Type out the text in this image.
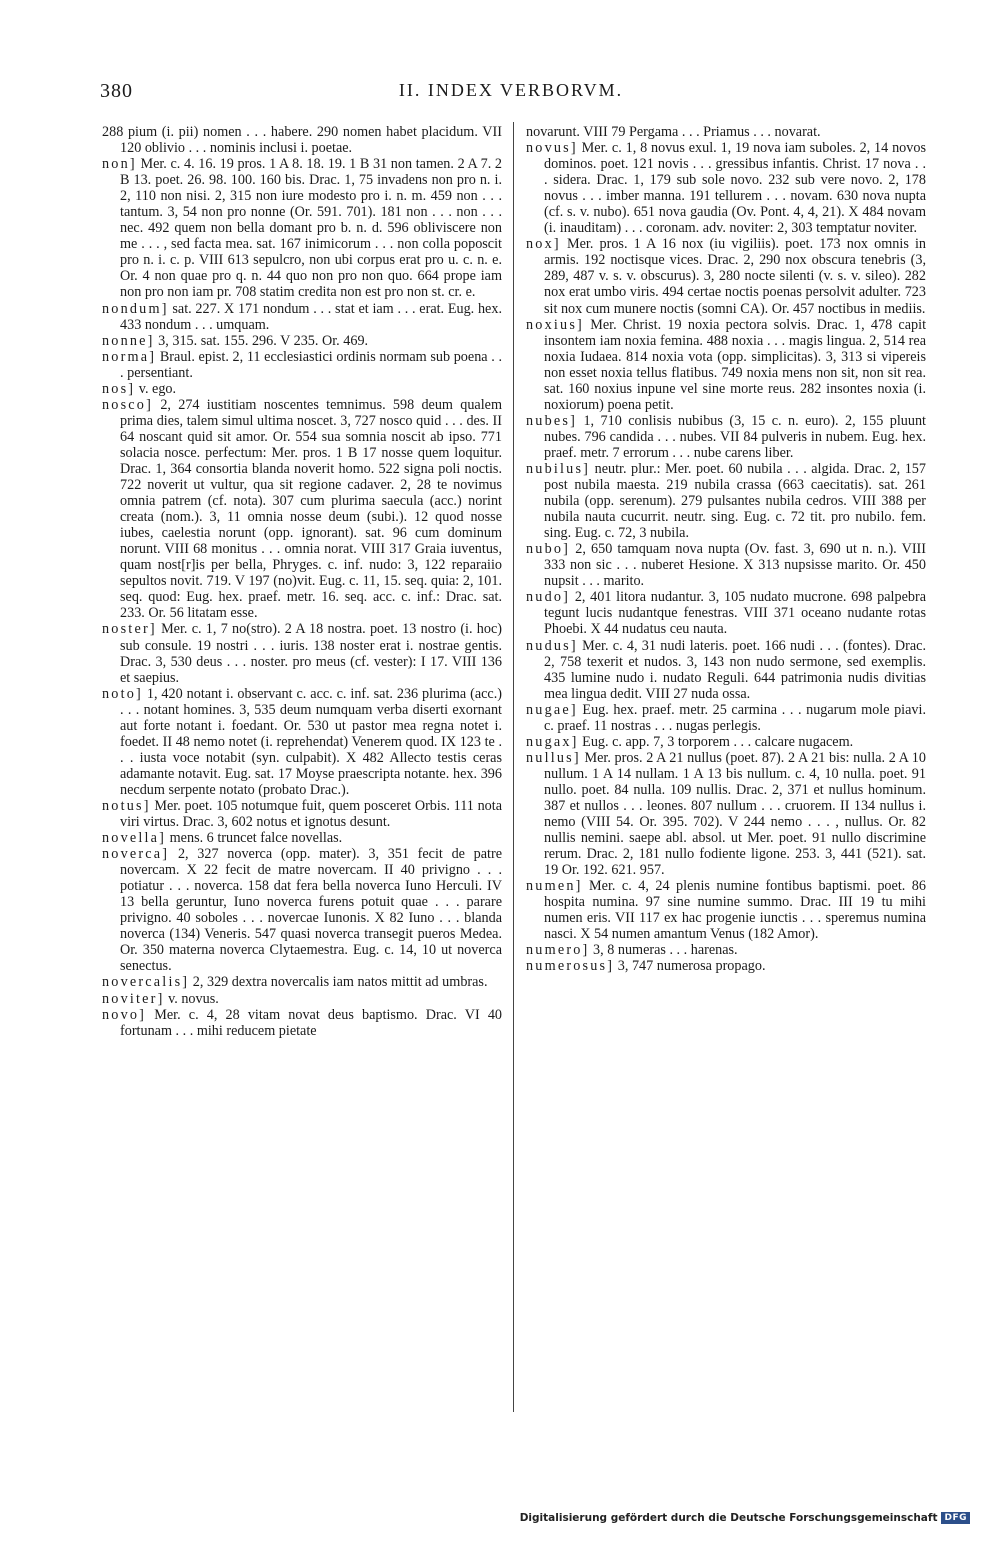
380	II. INDEX VERBORVM.

288 pium (i. pii) nomen . . . habere. 290 nomen habet placidum. VII 120 oblivio . . . nominis inclusi i. poetae.

non] Mer. c. 4. 16. 19 pros. 1 A 8. 18. 19. 1 B 31 non tamen. 2 A 7. 2 B 13. poet. 26. 98. 100. 160 bis. Drac. 1, 75 invadens non pro n. i. 2, 110 non nisi. 2, 315 non iure modesto pro i. n. m. 459 non . . . tantum. 3, 54 non pro nonne (Or. 591. 701). 181 non . . . non . . . nec. 492 quem non bella domant pro b. n. d. 596 obliviscere non me . . . , sed facta mea. sat. 167 inimicorum . . . non colla poposcit pro n. i. c. p. VIII 613 sepulcro, non ubi corpus erat pro u. c. n. e. Or. 4 non quae pro q. n. 44 quo non pro non quo. 664 prope iam non pro non iam pr. 708 statim credita non est pro non st. cr. e.

nondum] sat. 227. X 171 nondum . . . stat et iam . . . erat. Eug. hex. 433 nondum . . . umquam.

nonne] 3, 315. sat. 155. 296. V 235. Or. 469.

norma] Braul. epist. 2, 11 ecclesiastici ordinis normam sub poena . . . persentiant.

nos] v. ego.

nosco] 2, 274 iustitiam noscentes temnimus. 598 deum qualem prima dies, talem simul ultima noscet. 3, 727 nosco quid . . . des. II 64 noscant quid sit amor. Or. 554 sua somnia noscit ab ipso. 771 solacia nosce. perfectum: Mer. pros. 1 B 17 nosse quem loquitur. Drac. 1, 364 consortia blanda noverit homo. 522 signa poli noctis. 722 noverit ut vultur, qua sit regione cadaver. 2, 28 te novimus omnia patrem (cf. nota). 307 cum plurima saecula (acc.) norint creata (nom.). 3, 11 omnia nosse deum (subi.). 12 quod nosse iubes, caelestia norunt (opp. ignorant). sat. 96 cum dominum norunt. VIII 68 monitus . . . omnia norat. VIII 317 Graia iuventus, quam nost[r]is per bella, Phryges. c. inf. nudo: 3, 122 reparaiio sepultos novit. 719. V 197 (no)vit. Eug. c. 11, 15. seq. quia: 2, 101. seq. quod: Eug. hex. praef. metr. 16. seq. acc. c. inf.: Drac. sat. 233. Or. 56 litatam esse.

noster] Mer. c. 1, 7 no(stro). 2 A 18 nostra. poet. 13 nostro (i. hoc) sub consule. 19 nostri . . . iuris. 138 noster erat i. nostrae gentis. Drac. 3, 530 deus . . . noster. pro meus (cf. vester): I 17. VIII 136 et saepius.

noto] 1, 420 notant i. observant c. acc. c. inf. sat. 236 plurima (acc.) . . . notant homines. 3, 535 deum numquam verba diserti exornant aut forte notant i. foedant. Or. 530 ut pastor mea regna notet i. foedet. II 48 nemo notet (i. reprehendat) Venerem quod. IX 123 te . . . iusta voce notabit (syn. culpabit). X 482 Allecto testis ceras adamante notavit. Eug. sat. 17 Moyse praescripta notante. hex. 396 necdum serpente notato (probato Drac.).

notus] Mer. poet. 105 notumque fuit, quem posceret Orbis. 111 nota viri virtus. Drac. 3, 602 notus et ignotus desunt.

novella] mens. 6 truncet falce novellas.

noverca] 2, 327 noverca (opp. mater). 3, 351 fecit de patre novercam. X 22 fecit de matre novercam. II 40 privigno . . . potiatur . . . noverca. 158 dat fera bella noverca Iuno Herculi. IV 13 bella geruntur, Iuno noverca furens potuit quae . . . parare privigno. 40 soboles . . . novercae Iunonis. X 82 Iuno . . . blanda noverca (134) Veneris. 547 quasi noverca transegit pueros Medea. Or. 350 materna noverca Clytaemestra. Eug. c. 14, 10 ut noverca senectus.

novercalis] 2, 329 dextra novercalis iam natos mittit ad umbras.

noviter] v. novus.

novo] Mer. c. 4, 28 vitam novat deus baptismo. Drac. VI 40 fortunam . . . mihi reducem pietate

novarunt. VIII 79 Pergama . . . Priamus . . . novarat.

novus] Mer. c. 1, 8 novus exul. 1, 19 nova iam suboles. 2, 14 novos dominos. poet. 121 novis . . . gressibus infantis. Christ. 17 nova . . . sidera. Drac. 1, 179 sub sole novo. 232 sub vere novo. 2, 178 novus . . . imber manna. 191 tellurem . . . novam. 630 nova nupta (cf. s. v. nubo). 651 nova gaudia (Ov. Pont. 4, 4, 21). X 484 novam (i. inauditam) . . . coronam. adv. noviter: 2, 303 temptatur noviter.

nox] Mer. pros. 1 A 16 nox (iu vigiliis). poet. 173 nox omnis in armis. 192 noctisque vices. Drac. 2, 290 nox obscura tenebris (3, 289, 487 v. s. v. obscurus). 3, 280 nocte silenti (v. s. v. sileo). 282 nox erat umbo viris. 494 certae noctis poenas persolvit adulter. 723 sit nox cum munere noctis (somni CA). Or. 457 noctibus in mediis.

noxius] Mer. Christ. 19 noxia pectora solvis. Drac. 1, 478 capit insontem iam noxia femina. 488 noxia . . . magis lingua. 2, 514 rea noxia Iudaea. 814 noxia vota (opp. simplicitas). 3, 313 si vipereis non esset noxia tellus flatibus. 749 noxia mens non sit, non sit rea. sat. 160 noxius inpune vel sine morte reus. 282 insontes noxia (i. noxiorum) poena petit.

nubes] 1, 710 conlisis nubibus (3, 15 c. n. euro). 2, 155 pluunt nubes. 796 candida . . . nubes. VII 84 pulveris in nubem. Eug. hex. praef. metr. 7 errorum . . . nube carens liber.

nubilus] neutr. plur.: Mer. poet. 60 nubila . . . algida. Drac. 2, 157 post nubila maesta. 219 nubila crassa (663 caecitatis). sat. 261 nubila (opp. serenum). 279 pulsantes nubila cedros. VIII 388 per nubila nauta cucurrit. neutr. sing. Eug. c. 72 tit. pro nubilo. fem. sing. Eug. c. 72, 3 nubila.

nubo] 2, 650 tamquam nova nupta (Ov. fast. 3, 690 ut n. n.). VIII 333 non sic . . . nuberet Hesione. X 313 nupsisse marito. Or. 450 nupsit . . . marito.

nudo] 2, 401 litora nudantur. 3, 105 nudato mucrone. 698 palpebra tegunt lucis nudantque fenestras. VIII 371 oceano nudante rotas Phoebi. X 44 nudatus ceu nauta.

nudus] Mer. c. 4, 31 nudi lateris. poet. 166 nudi . . . (fontes). Drac. 2, 758 texerit et nudos. 3, 143 non nudo sermone, sed exemplis. 435 lumine nudo i. nudato Reguli. 644 patrimonia nudis divitias mea lingua dedit. VIII 27 nuda ossa.

nugae] Eug. hex. praef. metr. 25 carmina . . . nugarum mole piavi. c. praef. 11 nostras . . . nugas perlegis.

nugax] Eug. c. app. 7, 3 torporem . . . calcare nugacem.

nullus] Mer. pros. 2 A 21 nullus (poet. 87). 2 A 21 bis: nulla. 2 A 10 nullum. 1 A 14 nullam. 1 A 13 bis nullum. c. 4, 10 nulla. poet. 91 nullo. poet. 84 nulla. 109 nullis. Drac. 2, 371 et nullus hominum. 387 et nullos . . . leones. 807 nullum . . . cruorem. II 134 nullus i. nemo (VIII 54. Or. 395. 702). V 244 nemo . . . , nullus. Or. 82 nullis nemini. saepe abl. absol. ut Mer. poet. 91 nullo discrimine rerum. Drac. 2, 181 nullo fodiente ligone. 253. 3, 441 (521). sat. 19 Or. 192. 621. 957.

numen] Mer. c. 4, 24 plenis numine fontibus baptismi. poet. 86 hospita numina. 97 sine numine summo. Drac. III 19 tu mihi numen eris. VII 117 ex hac progenie iunctis . . . speremus numina nasci. X 54 numen amantum Venus (182 Amor).

numero] 3, 8 numeras . . . harenas.

numerosus] 3, 747 numerosa propago.

Digitalisierung gefördert durch die Deutsche Forschungsgemeinschaft DFG
